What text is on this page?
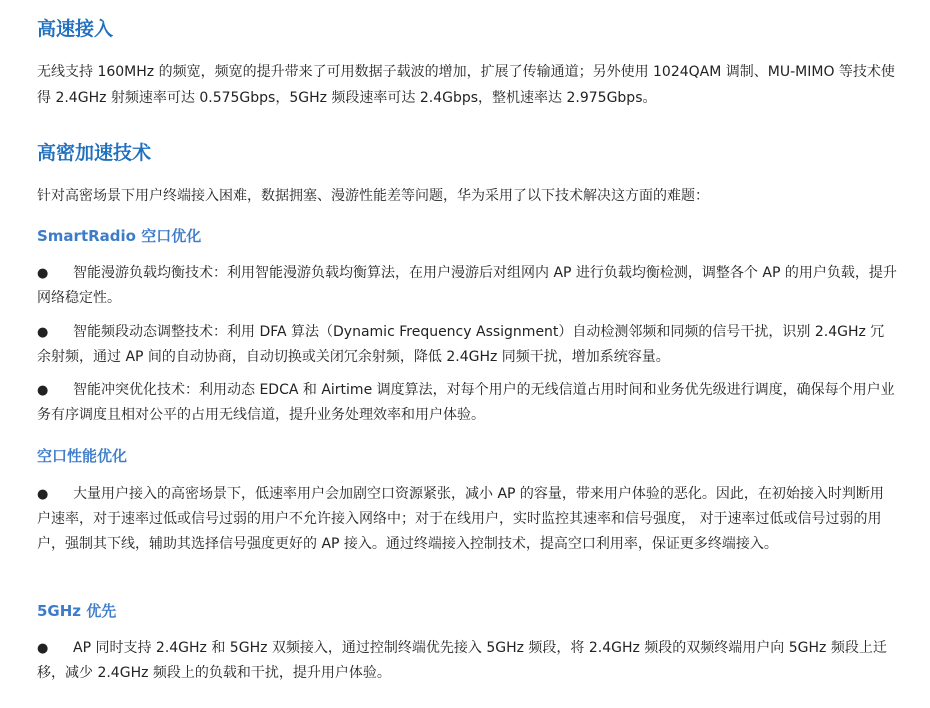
高速接入

无线支持 160MHz 的频宽，频宽的提升带来了可用数据子载波的增加，扩展了传输通道；另外使用 1024QAM 调制、MU-MIMO 等技术使得 2.4GHz 射频速率可达 0.575Gbps，5GHz 频段速率可达 2.4Gbps，整机速率达 2.975Gbps。

高密加速技术

针对高密场景下用户终端接入困难，数据拥塞、漫游性能差等问题，华为采用了以下技术解决这方面的难题：

SmartRadio 空口优化

● 智能漫游负载均衡技术：利用智能漫游负载均衡算法，在用户漫游后对组网内 AP 进行负载均衡检测，调整各个 AP 的用户负载，提升网络稳定性。

● 智能频段动态调整技术：利用 DFA 算法（Dynamic Frequency Assignment）自动检测邻频和同频的信号干扰，识别 2.4GHz 冗余射频，通过 AP 间的自动协商，自动切换或关闭冗余射频，降低 2.4GHz 同频干扰，增加系统容量。

● 智能冲突优化技术：利用动态 EDCA 和 Airtime 调度算法，对每个用户的无线信道占用时间和业务优先级进行调度，确保每个用户业务有序调度且相对公平的占用无线信道，提升业务处理效率和用户体验。

空口性能优化

● 大量用户接入的高密场景下，低速率用户会加剧空口资源紧张，减小 AP 的容量，带来用户体验的恶化。因此，在初始接入时判断用户速率，对于速率过低或信号过弱的用户不允许接入网络中；对于在线用户，实时监控其速率和信号强度， 对于速率过低或信号过弱的用户，强制其下线，辅助其选择信号强度更好的 AP 接入。通过终端接入控制技术，提高空口利用率，保证更多终端接入。

5GHz 优先

● AP 同时支持 2.4GHz 和 5GHz 双频接入，通过控制终端优先接入 5GHz 频段，将 2.4GHz 频段的双频终端用户向 5GHz 频段上迁移，减少 2.4GHz 频段上的负载和干扰，提升用户体验。
